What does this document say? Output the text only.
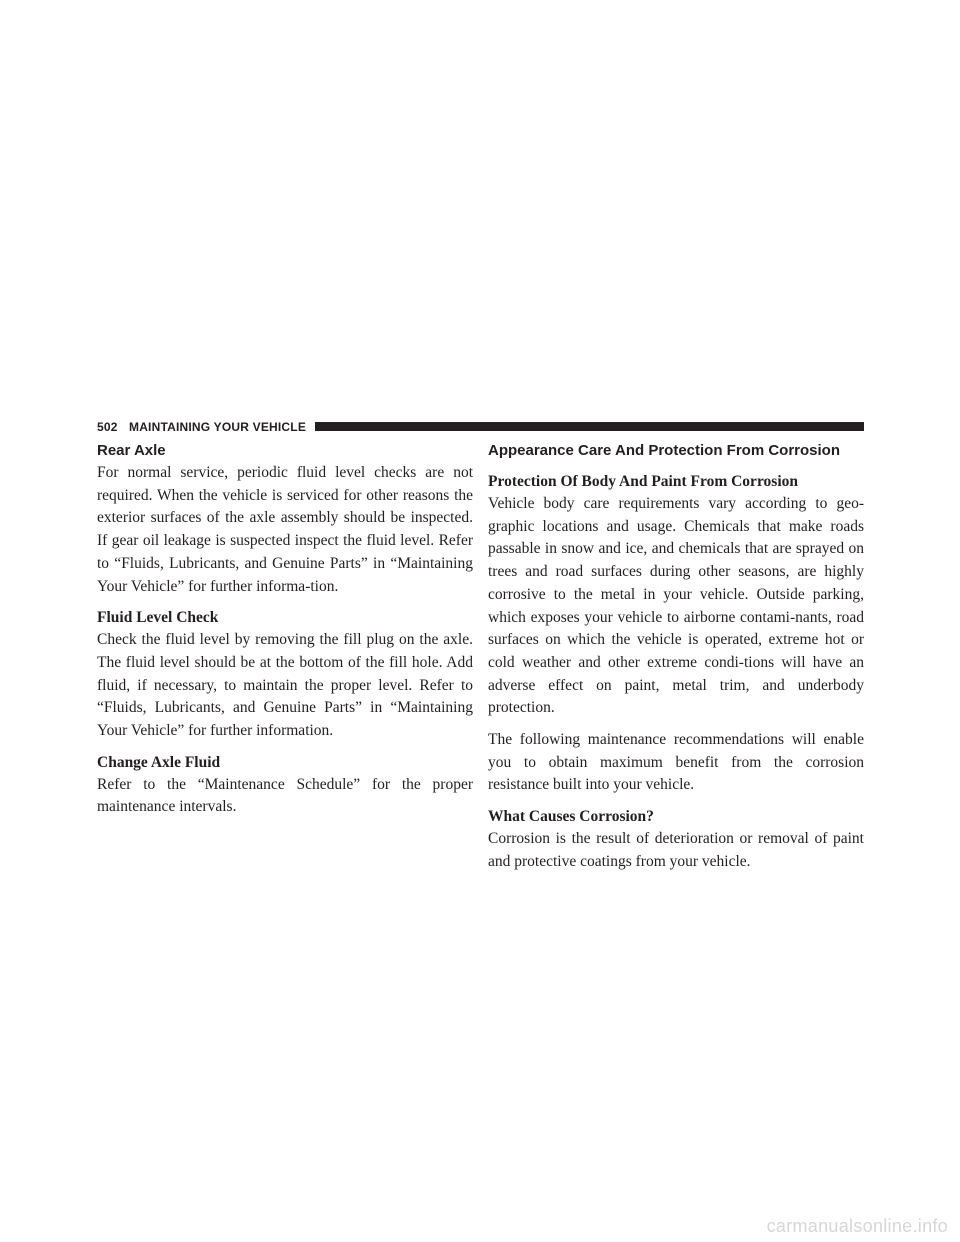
502 MAINTAINING YOUR VEHICLE
Rear Axle

For normal service, periodic fluid level checks are not required. When the vehicle is serviced for other reasons the exterior surfaces of the axle assembly should be inspected. If gear oil leakage is suspected inspect the fluid level. Refer to “Fluids, Lubricants, and Genuine Parts” in “Maintaining Your Vehicle” for further informa-tion.

Fluid Level Check

Check the fluid level by removing the fill plug on the axle. The fluid level should be at the bottom of the fill hole. Add fluid, if necessary, to maintain the proper level. Refer to “Fluids, Lubricants, and Genuine Parts” in “Maintaining Your Vehicle” for further information.

Change Axle Fluid

Refer to the “Maintenance Schedule” for the proper maintenance intervals.

Appearance Care And Protection From Corrosion
Protection Of Body And Paint From Corrosion

Vehicle body care requirements vary according to geo-graphic locations and usage. Chemicals that make roads passable in snow and ice, and chemicals that are sprayed on trees and road surfaces during other seasons, are highly corrosive to the metal in your vehicle. Outside parking, which exposes your vehicle to airborne contami-nants, road surfaces on which the vehicle is operated, extreme hot or cold weather and other extreme condi-tions will have an adverse effect on paint, metal trim, and underbody protection.

The following maintenance recommendations will enable you to obtain maximum benefit from the corrosion resistance built into your vehicle.

What Causes Corrosion?

Corrosion is the result of deterioration or removal of paint and protective coatings from your vehicle.

carmanualsonline.info
